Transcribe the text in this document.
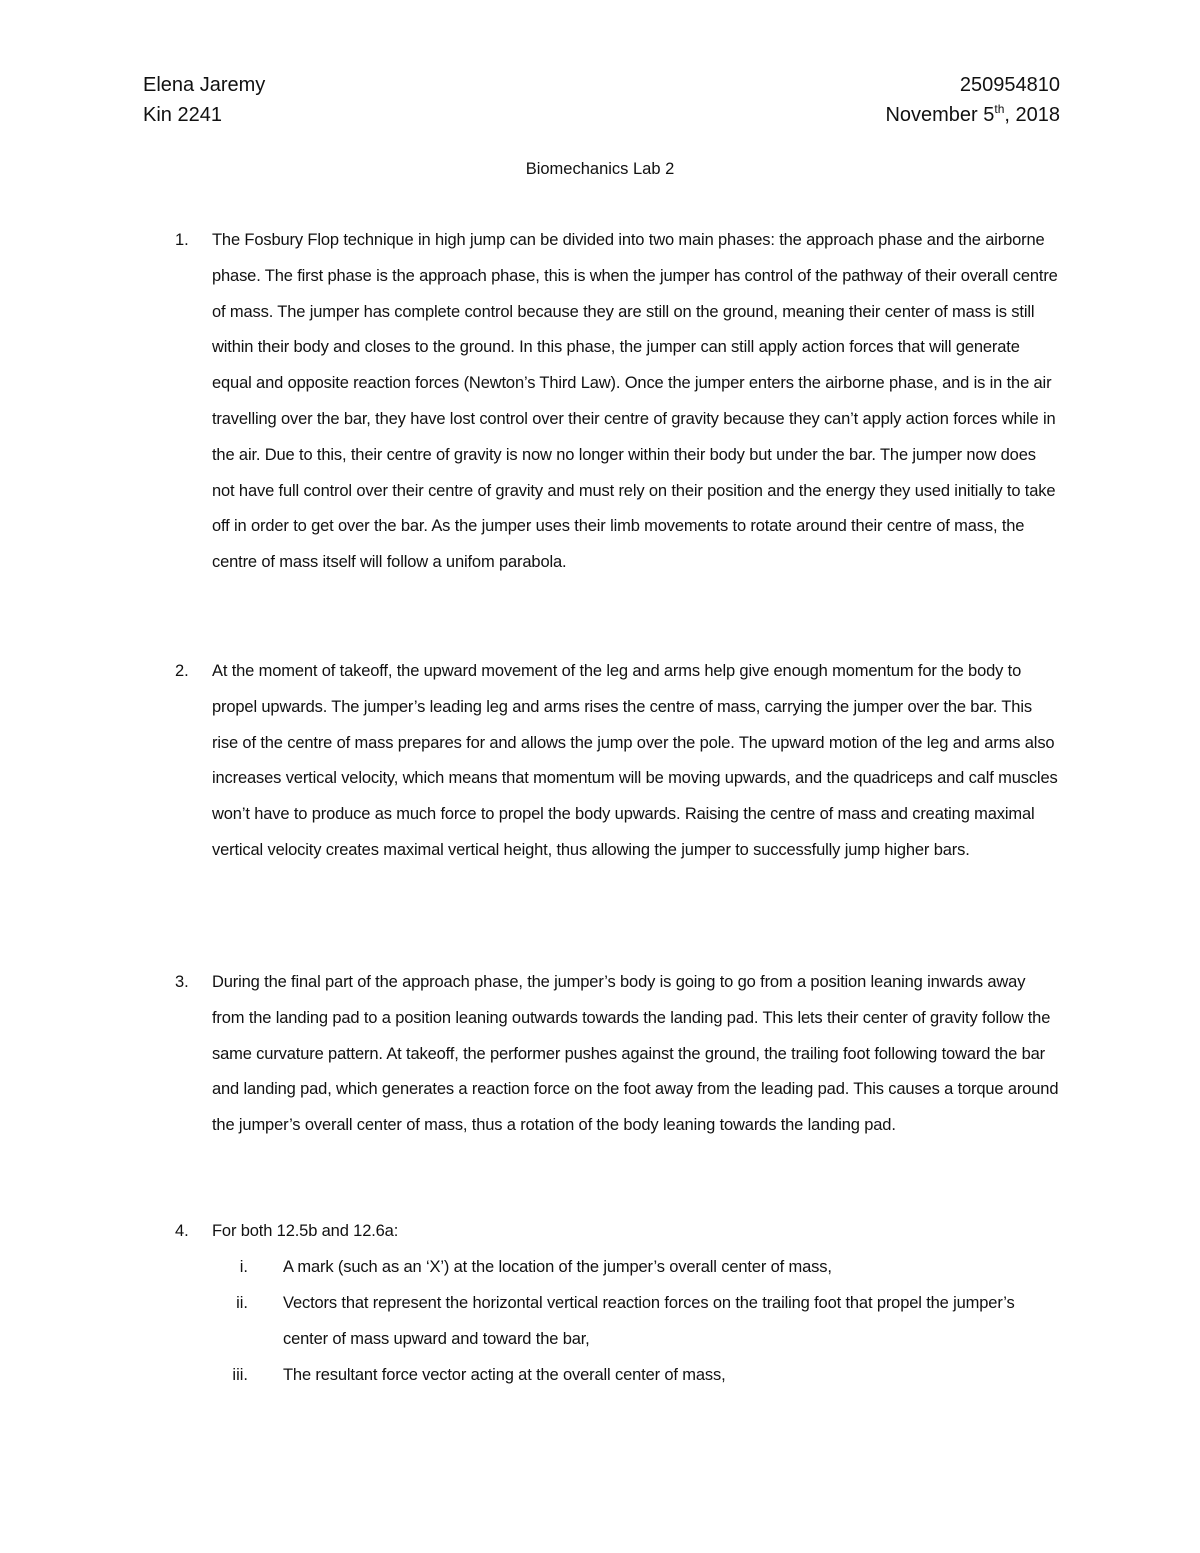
Elena Jaremy
Kin 2241
250954810
November 5th, 2018
Biomechanics Lab 2
1. The Fosbury Flop technique in high jump can be divided into two main phases: the approach phase and the airborne phase. The first phase is the approach phase, this is when the jumper has control of the pathway of their overall centre of mass. The jumper has complete control because they are still on the ground, meaning their center of mass is still within their body and closes to the ground. In this phase, the jumper can still apply action forces that will generate equal and opposite reaction forces (Newton’s Third Law). Once the jumper enters the airborne phase, and is in the air travelling over the bar, they have lost control over their centre of gravity because they can’t apply action forces while in the air. Due to this, their centre of gravity is now no longer within their body but under the bar. The jumper now does not have full control over their centre of gravity and must rely on their position and the energy they used initially to take off in order to get over the bar. As the jumper uses their limb movements to rotate around their centre of mass, the centre of mass itself will follow a unifom parabola.
2. At the moment of takeoff, the upward movement of the leg and arms help give enough momentum for the body to propel upwards. The jumper’s leading leg and arms rises the centre of mass, carrying the jumper over the bar. This rise of the centre of mass prepares for and allows the jump over the pole. The upward motion of the leg and arms also increases vertical velocity, which means that momentum will be moving upwards, and the quadriceps and calf muscles won’t have to produce as much force to propel the body upwards. Raising the centre of mass and creating maximal vertical velocity creates maximal vertical height, thus allowing the jumper to successfully jump higher bars.
3. During the final part of the approach phase, the jumper’s body is going to go from a position leaning inwards away from the landing pad to a position leaning outwards towards the landing pad. This lets their center of gravity follow the same curvature pattern. At takeoff, the performer pushes against the ground, the trailing foot following toward the bar and landing pad, which generates a reaction force on the foot away from the leading pad. This causes a torque around the jumper’s overall center of mass, thus a rotation of the body leaning towards the landing pad.
4. For both 12.5b and 12.6a:
i. A mark (such as an ‘X’) at the location of the jumper’s overall center of mass,
ii. Vectors that represent the horizontal vertical reaction forces on the trailing foot that propel the jumper’s center of mass upward and toward the bar,
iii. The resultant force vector acting at the overall center of mass,
